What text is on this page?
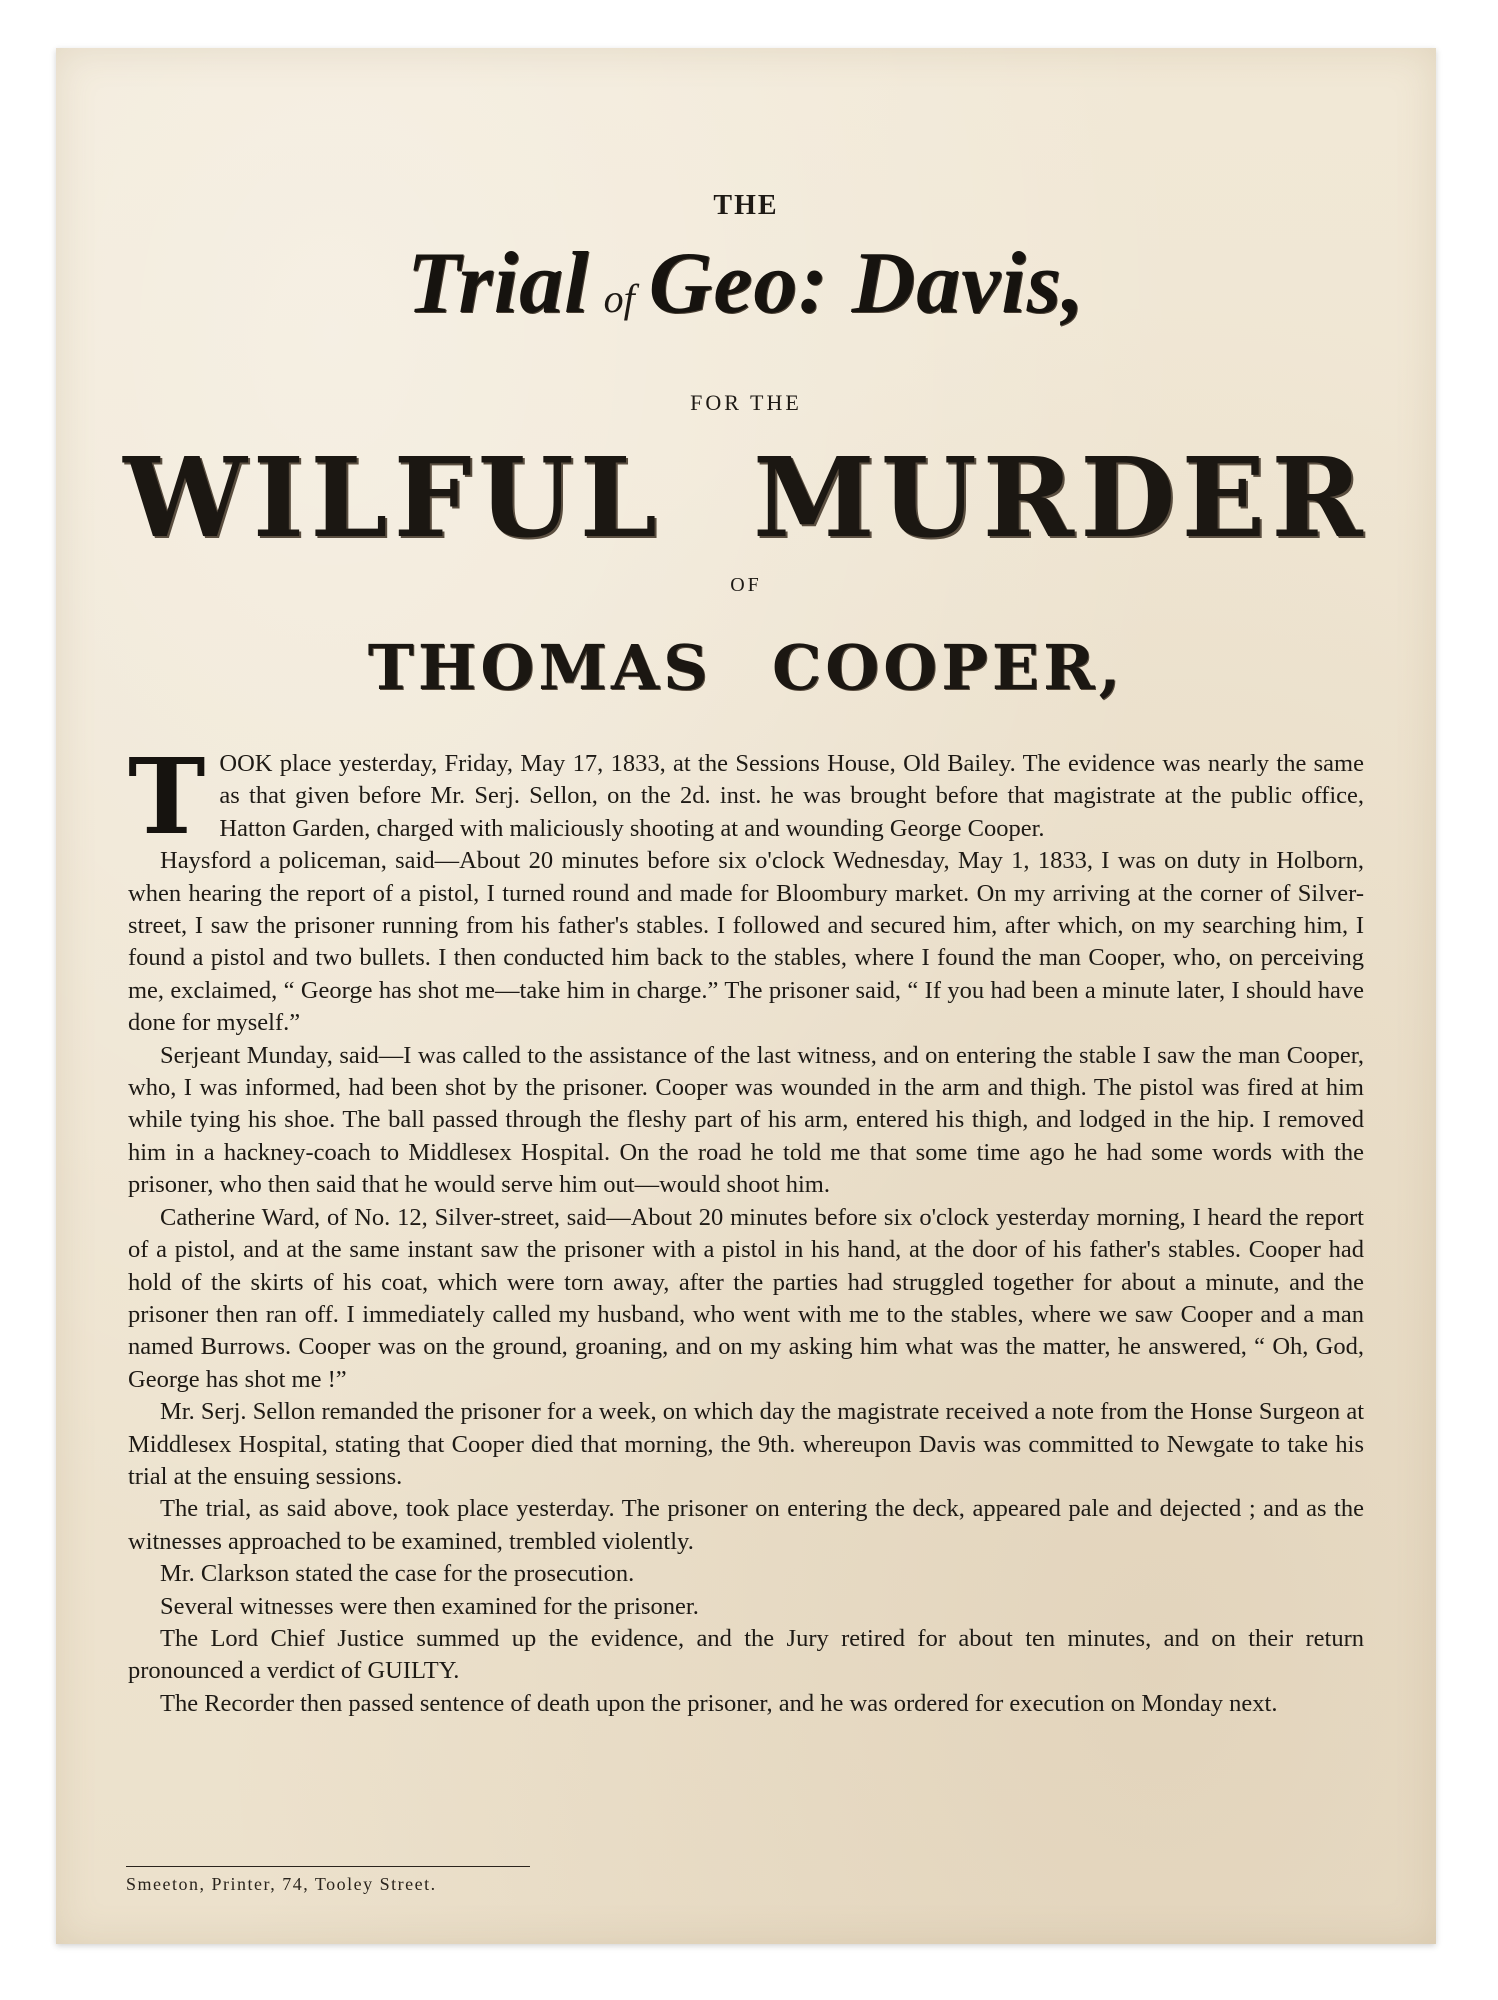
THE
Trial of Geo: Davis,
FOR THE
WILFUL MURDER
OF
THOMAS COOPER,

TOOK place yesterday, Friday, May 17, 1833, at the Sessions House, Old Bailey. The evidence was nearly the same as that given before Mr. Serj. Sellon, on the 2d. inst. he was brought before that magistrate at the public office, Hatton Garden, charged with maliciously shooting at and wounding George Cooper.

Haysford a policeman, said—About 20 minutes before six o'clock Wednesday, May 1, 1833, I was on duty in Holborn, when hearing the report of a pistol, I turned round and made for Bloombury market. On my arriving at the corner of Silver-street, I saw the prisoner running from his father's stables. I followed and secured him, after which, on my searching him, I found a pistol and two bullets. I then conducted him back to the stables, where I found the man Cooper, who, on perceiving me, exclaimed, “ George has shot me—take him in charge.” The prisoner said, “ If you had been a minute later, I should have done for myself.”

Serjeant Munday, said—I was called to the assistance of the last witness, and on entering the stable I saw the man Cooper, who, I was informed, had been shot by the prisoner. Cooper was wounded in the arm and thigh. The pistol was fired at him while tying his shoe. The ball passed through the fleshy part of his arm, entered his thigh, and lodged in the hip. I removed him in a hackney-coach to Middlesex Hospital. On the road he told me that some time ago he had some words with the prisoner, who then said that he would serve him out—would shoot him.

Catherine Ward, of No. 12, Silver-street, said—About 20 minutes before six o'clock yesterday morning, I heard the report of a pistol, and at the same instant saw the prisoner with a pistol in his hand, at the door of his father's stables. Cooper had hold of the skirts of his coat, which were torn away, after the parties had struggled together for about a minute, and the prisoner then ran off. I immediately called my husband, who went with me to the stables, where we saw Cooper and a man named Burrows. Cooper was on the ground, groaning, and on my asking him what was the matter, he answered, “ Oh, God, George has shot me !”

Mr. Serj. Sellon remanded the prisoner for a week, on which day the magistrate received a note from the Honse Surgeon at Middlesex Hospital, stating that Cooper died that morning, the 9th. whereupon Davis was committed to Newgate to take his trial at the ensuing sessions.

The trial, as said above, took place yesterday. The prisoner on entering the deck, appeared pale and dejected ; and as the witnesses approached to be examined, trembled violently.

Mr. Clarkson stated the case for the prosecution.

Several witnesses were then examined for the prisoner.

The Lord Chief Justice summed up the evidence, and the Jury retired for about ten minutes, and on their return pronounced a verdict of GUILTY.

The Recorder then passed sentence of death upon the prisoner, and he was ordered for execution on Monday next.

Smeeton, Printer, 74, Tooley Street.
